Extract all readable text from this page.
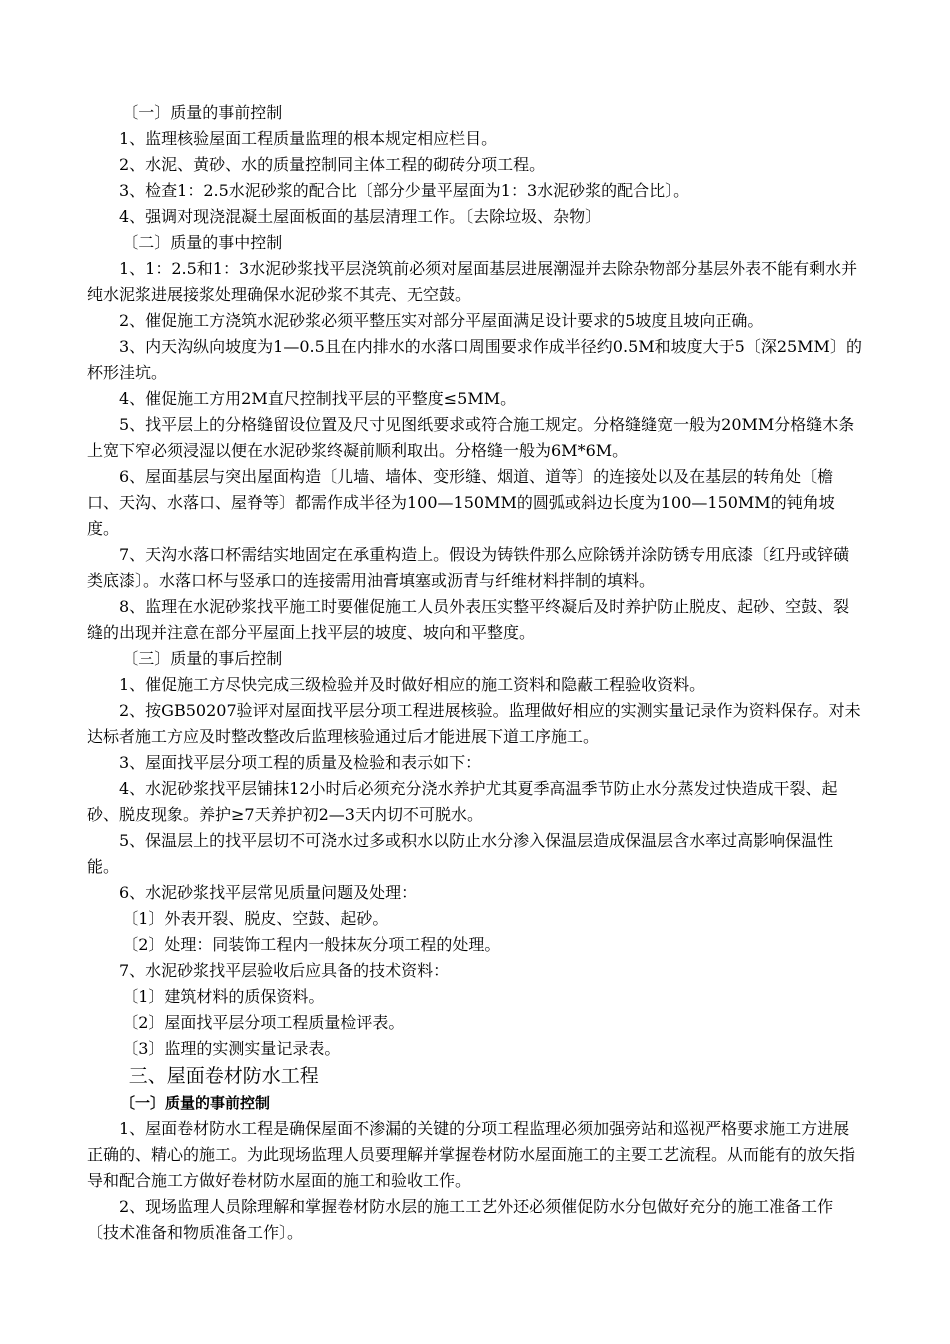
〔一〕质量的事前控制

1、监理核验屋面工程质量监理的根本规定相应栏目。

2、水泥、黄砂、水的质量控制同主体工程的砌砖分项工程。

3、检查1：2.5水泥砂浆的配合比〔部分少量平屋面为1：3水泥砂浆的配合比〕。

4、强调对现浇混凝土屋面板面的基层清理工作。〔去除垃圾、杂物〕

〔二〕质量的事中控制

1、1：2.5和1：3水泥砂浆找平层浇筑前必须对屋面基层进展潮湿并去除杂物部分基层外表不能有剩水并纯水泥浆进展接浆处理确保水泥砂浆不其壳、无空鼓。

2、催促施工方浇筑水泥砂浆必须平整压实对部分平屋面满足设计要求的5坡度且坡向正确。

3、内天沟纵向坡度为1—0.5且在内排水的水落口周围要求作成半径约0.5M和坡度大于5〔深25MM〕的杯形洼坑。

4、催促施工方用2M直尺控制找平层的平整度≤5MM。

5、找平层上的分格缝留设位置及尺寸见图纸要求或符合施工规定。分格缝缝宽一般为20MM分格缝木条上宽下窄必须浸湿以便在水泥砂浆终凝前顺利取出。分格缝一般为6M*6M。

6、屋面基层与突出屋面构造〔儿墙、墙体、变形缝、烟道、道等〕的连接处以及在基层的转角处〔檐口、天沟、水落口、屋脊等〕都需作成半径为100—150MM的圆弧或斜边长度为100—150MM的钝角坡度。

7、天沟水落口杯需结实地固定在承重构造上。假设为铸铁件那么应除锈并涂防锈专用底漆〔红丹或锌磺类底漆〕。水落口杯与竖承口的连接需用油膏填塞或沥青与纤维材料拌制的填料。

8、监理在水泥砂浆找平施工时要催促施工人员外表压实整平终凝后及时养护防止脱皮、起砂、空鼓、裂缝的出现并注意在部分平屋面上找平层的坡度、坡向和平整度。

〔三〕质量的事后控制

1、催促施工方尽快完成三级检验并及时做好相应的施工资料和隐蔽工程验收资料。

2、按GB50207验评对屋面找平层分项工程进展核验。监理做好相应的实测实量记录作为资料保存。对未达标者施工方应及时整改整改后监理核验通过后才能进展下道工序施工。

3、屋面找平层分项工程的质量及检验和表示如下：

4、水泥砂浆找平层铺抹12小时后必须充分浇水养护尤其夏季高温季节防止水分蒸发过快造成干裂、起砂、脱皮现象。养护≥7天养护初2—3天内切不可脱水。

5、保温层上的找平层切不可浇水过多或积水以防止水分渗入保温层造成保温层含水率过高影响保温性能。

6、水泥砂浆找平层常见质量问题及处理：

〔1〕外表开裂、脱皮、空鼓、起砂。

〔2〕处理：同装饰工程内一般抹灰分项工程的处理。

7、水泥砂浆找平层验收后应具备的技术资料：

〔1〕建筑材料的质保资料。

〔2〕屋面找平层分项工程质量检评表。

〔3〕监理的实测实量记录表。

三、屋面卷材防水工程

〔一〕质量的事前控制

1、屋面卷材防水工程是确保屋面不渗漏的关键的分项工程监理必须加强旁站和巡视严格要求施工方进展正确的、精心的施工。为此现场监理人员要理解并掌握卷材防水屋面施工的主要工艺流程。从而能有的放矢指导和配合施工方做好卷材防水屋面的施工和验收工作。

2、现场监理人员除理解和掌握卷材防水层的施工工艺外还必须催促防水分包做好充分的施工准备工作〔技术准备和物质准备工作〕。
